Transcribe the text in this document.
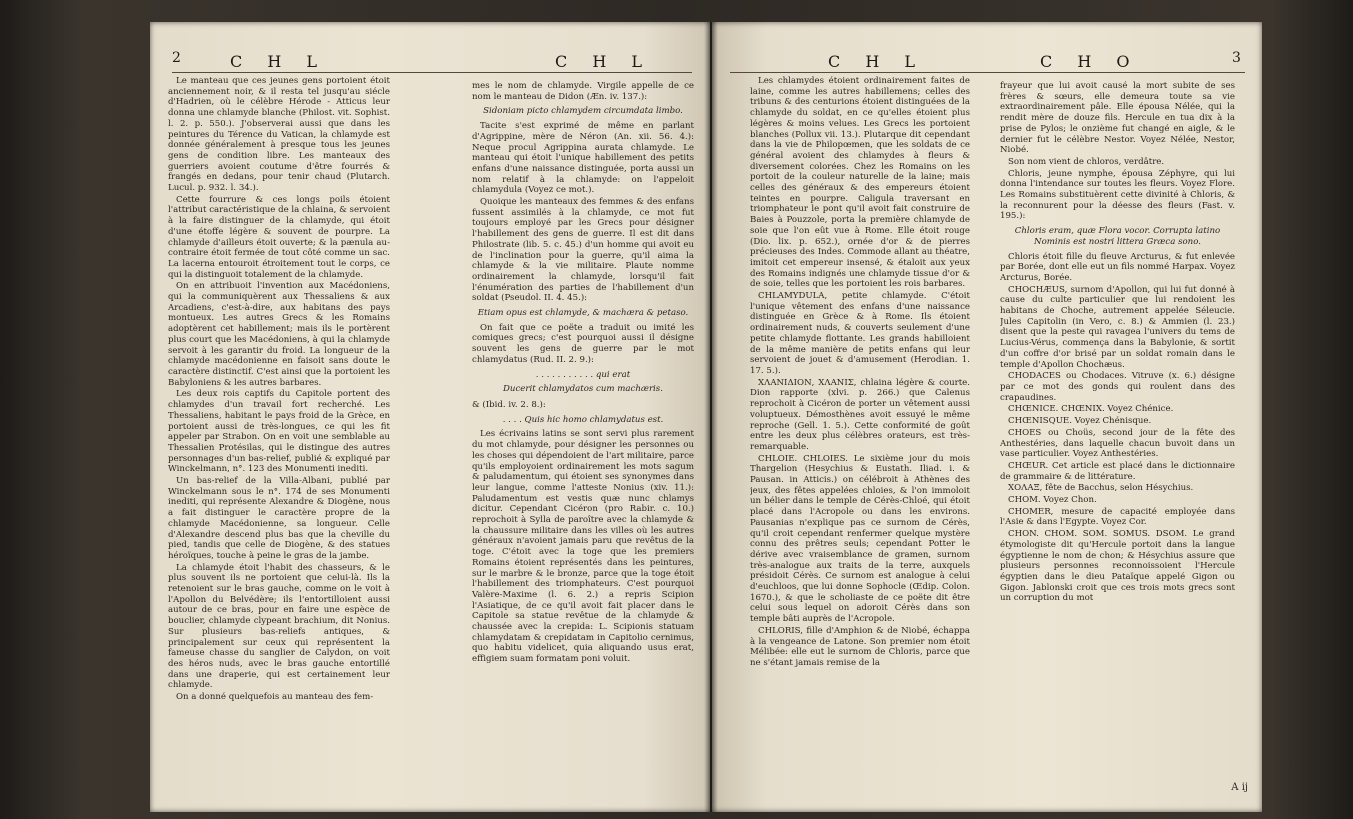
2	C H L	C H L

Le manteau que ces jeunes gens portoient étoit anciennement noir, & il resta tel jusqu'au siécle d'Hadrien, où le célèbre Hérode - Atticus leur donna une chlamyde blanche (Philost. vit. Sophist. l. 2. p. 550.). J'observerai aussi que dans les peintures du Térence du Vatican, la chlamyde est donnée généralement à presque tous les jeunes gens de condition libre. Les manteaux des guerriers avoient coutume d'être fourrés & frangés en dedans, pour tenir chaud (Plutarch. Lucul. p. 932. l. 34.).

Cette fourrure & ces longs poils étoient l'attribut caractéristique de la chlaina, & servoient à la faire distinguer de la chlamyde, qui étoit d'une étoffe légère & souvent de pourpre. La chlamyde d'ailleurs étoit ouverte; & la pænula au-contraire étoit fermée de tout côté comme un sac. La lacerna entouroit étroitement tout le corps, ce qui la distinguoit totalement de la chlamyde.

On en attribuoit l'invention aux Macédoniens, qui la communiquèrent aux Thessaliens & aux Arcadiens, c'est-à-dire, aux habitans des pays montueux. Les autres Grecs & les Romains adoptèrent cet habillement; mais ils le portèrent plus court que les Macédoniens, à qui la chlamyde servoit à les garantir du froid. La longueur de la chlamyde macédonienne en faisoit sans doute le caractère distinctif. C'est ainsi que la portoient les Babyloniens & les autres barbares.

Les deux rois captifs du Capitole portent des chlamydes d'un travail fort recherché. Les Thessaliens, habitant le pays froid de la Grèce, en portoient aussi de très-longues, ce qui les fit appeler par Strabon. On en voit une semblable au Thessalien Protésilas, qui le distingue des autres personnages d'un bas-relief, publié & expliqué par Winckelmann, n°. 123 des Monumenti inediti.

Un bas-relief de la Villa-Albani, publié par Winckelmann sous le n°. 174 de ses Monumenti inediti, qui représente Alexandre & Diogène, nous a fait distinguer le caractère propre de la chlamyde Macédonienne, sa longueur. Celle d'Alexandre descend plus bas que la cheville du pied, tandis que celle de Diogène, & des statues héroïques, touche à peine le gras de la jambe.

La chlamyde étoit l'habit des chasseurs, & le plus souvent ils ne portoient que celui-là. Ils la retenoient sur le bras gauche, comme on le voit à l'Apollon du Belvédère; ils l'entortilloient aussi autour de ce bras, pour en faire une espèce de bouclier, chlamyde clypeant brachium, dit Nonius. Sur plusieurs bas-reliefs antiques, & principalement sur ceux qui représentent la fameuse chasse du sanglier de Calydon, on voit des héros nuds, avec le bras gauche entortillé dans une draperie, qui est certainement leur chlamyde.

On a donné quelquefois au manteau des fem-

mes le nom de chlamyde. Virgile appelle de ce nom le manteau de Didon (Æn. iv. 137.):

Sidoniam picto chlamydem circumdata limbo.

Tacite s'est exprimé de même en parlant d'Agrippine, mère de Néron (An. xii. 56. 4.): Neque procul Agrippina aurata chlamyde. Le manteau qui étoit l'unique habillement des petits enfans d'une naissance distinguée, porta aussi un nom relatif à la chlamyde: on l'appeloit chlamydula (Voyez ce mot.).

Quoique les manteaux des femmes & des enfans fussent assimilés à la chlamyde, ce mot fut toujours employé par les Grecs pour désigner l'habillement des gens de guerre. Il est dit dans Philostrate (lib. 5. c. 45.) d'un homme qui avoit eu de l'inclination pour la guerre, qu'il aima la chlamyde & la vie militaire. Plaute nomme ordinairement la chlamyde, lorsqu'il fait l'énumération des parties de l'habillement d'un soldat (Pseudol. II. 4. 45.):

Etiam opus est chlamyde, & machæra & petaso.

On fait que ce poëte a traduit ou imité les comiques grecs; c'est pourquoi aussi il désigne souvent les gens de guerre par le mot chlamydatus (Rud. II. 2. 9.):

. . . . . . . . . . . qui erat

Ducerit chlamydatos cum machæris.

& (Ibid. iv. 2. 8.):

. . . . Quis hic homo chlamydatus est.

Les écrivains latins se sont servi plus rarement du mot chlamyde, pour désigner les personnes ou les choses qui dépendoient de l'art militaire, parce qu'ils employoient ordinairement les mots sagum & paludamentum, qui étoient ses synonymes dans leur langue, comme l'atteste Nonius (xiv. 11.): Paludamentum est vestis quæ nunc chlamys dicitur. Cependant Cicéron (pro Rabir. c. 10.) reprochoit à Sylla de paroître avec la chlamyde & la chaussure militaire dans les villes où les autres généraux n'avoient jamais paru que revêtus de la toge. C'étoit avec la toge que les premiers Romains étoient représentés dans les peintures, sur le marbre & le bronze, parce que la toge étoit l'habillement des triomphateurs. C'est pourquoi Valère-Maxime (l. 6. 2.) a repris Scipion l'Asiatique, de ce qu'il avoit fait placer dans le Capitole sa statue revêtue de la chlamyde & chaussée avec la crepida: L. Scipionis statuam chlamydatam & crepidatam in Capitolio cernimus, quo habitu videlicet, quia aliquando usus erat, effigiem suam formatam poni voluit.

C H L	C H O	3

Les chlamydes étoient ordinairement faites de laine, comme les autres habillemens; celles des tribuns & des centurions étoient distinguées de la chlamyde du soldat, en ce qu'elles étoient plus légères & moins velues. Les Grecs les portoient blanches (Pollux vii. 13.). Plutarque dit cependant dans la vie de Philopœmen, que les soldats de ce général avoient des chlamydes à fleurs & diversement colorées. Chez les Romains on les portoit de la couleur naturelle de la laine; mais celles des généraux & des empereurs étoient teintes en pourpre. Caligula traversant en triomphateur le pont qu'il avoit fait construire de Baies à Pouzzole, porta la première chlamyde de soie que l'on eût vue à Rome. Elle étoit rouge (Dio. lix. p. 652.), ornée d'or & de pierres précieuses des Indes. Commode allant au théatre, imitoit cet empereur insensé, & étaloit aux yeux des Romains indignés une chlamyde tissue d'or & de soie, telles que les portoient les rois barbares.

CHLAMYDULA, petite chlamyde. C'étoit l'unique vêtement des enfans d'une naissance distinguée en Grèce & à Rome. Ils étoient ordinairement nuds, & couverts seulement d'une petite chlamyde flottante. Les grands habilloient de la même manière de petits enfans qui leur servoient de jouet & d'amusement (Herodian. 1. 17. 5.).

ΧΛΑΝΙΔΙΟΝ, ΧΛΑΝΙΣ, chlaina légère & courte. Dion rapporte (xlvi. p. 266.) que Calenus reprochoit à Cicéron de porter un vêtement aussi voluptueux. Démosthènes avoit essuyé le même reproche (Gell. 1. 5.). Cette conformité de goût entre les deux plus célèbres orateurs, est très-remarquable.

CHLOIE. CHLOIES. Le sixième jour du mois Thargelion (Hesychius & Eustath. Iliad. i. & Pausan. in Atticis.) on célébroit à Athènes des jeux, des fêtes appelées chloies, & l'on immoloit un bélier dans le temple de Cérès-Chloé, qui étoit placé dans l'Acropole ou dans les environs. Pausanias n'explique pas ce surnom de Cérès, qu'il croit cependant renfermer quelque mystère connu des prêtres seuls; cependant Potter le dérive avec vraisemblance de gramen, surnom très-analogue aux traits de la terre, auxquels présidoit Cérès. Ce surnom est analogue à celui d'euchloos, que lui donne Sophocle (Œdip. Colon. 1670.), & que le scholiaste de ce poëte dit être celui sous lequel on adoroit Cérès dans son temple bâti auprès de l'Acropole.

CHLORIS, fille d'Amphion & de Niobé, échappa à la vengeance de Latone. Son premier nom étoit Mélibée: elle eut le surnom de Chloris, parce que ne s'étant jamais remise de la

frayeur que lui avoit causé la mort subite de ses frères & sœurs, elle demeura toute sa vie extraordinairement pâle. Elle épousa Nélée, qui la rendit mère de douze fils. Hercule en tua dix à la prise de Pylos; le onzième fut changé en aigle, & le dernier fut le célèbre Nestor. Voyez Nélée, Nestor, Niobé.

Son nom vient de chloros, verdâtre.

Chloris, jeune nymphe, épousa Zéphyre, qui lui donna l'intendance sur toutes les fleurs. Voyez Flore. Les Romains substituèrent cette divinité à Chloris, & la reconnurent pour la déesse des fleurs (Fast. v. 195.):

Chloris eram, quæ Flora vocor. Corrupta latino Nominis est nostri littera Græca sono.

Chloris étoit fille du fleuve Arcturus, & fut enlevée par Borée, dont elle eut un fils nommé Harpax. Voyez Arcturus, Borée.

CHOCHÆUS, surnom d'Apollon, qui lui fut donné à cause du culte particulier que lui rendoient les habitans de Choche, autrement appelée Séleucie. Jules Capitolin (in Vero, c. 8.) & Ammien (l. 23.) disent que la peste qui ravagea l'univers du tems de Lucius-Vérus, commença dans la Babylonie, & sortit d'un coffre d'or brisé par un soldat romain dans le temple d'Apollon Chochæus.

CHODACES ou Chodaces. Vitruve (x. 6.) désigne par ce mot des gonds qui roulent dans des crapaudines.

CHŒNICE. CHŒNIX. Voyez Chénice.

CHŒNISQUE. Voyez Chénisque.

CHOES ou Choüs, second jour de la fête des Anthestéries, dans laquelle chacun buvoit dans un vase particulier. Voyez Anthestéries.

CHŒUR. Cet article est placé dans le dictionnaire de grammaire & de littérature.

ΧΟΛΑΞ, fête de Bacchus, selon Hésychius.

CHOM. Voyez Chon.

CHOMER, mesure de capacité employée dans l'Asie & dans l'Egypte. Voyez Cor.

CHON. CHOM. SOM. SOMUS. DSOM. Le grand étymologiste dit qu'Hercule portoit dans la langue égyptienne le nom de chon; & Hésychius assure que plusieurs personnes reconnoissoient l'Hercule égyptien dans le dieu Pataïque appelé Gigon ou Gigon. Jablonski croit que ces trois mots grecs sont un corruption du mot

A ij
